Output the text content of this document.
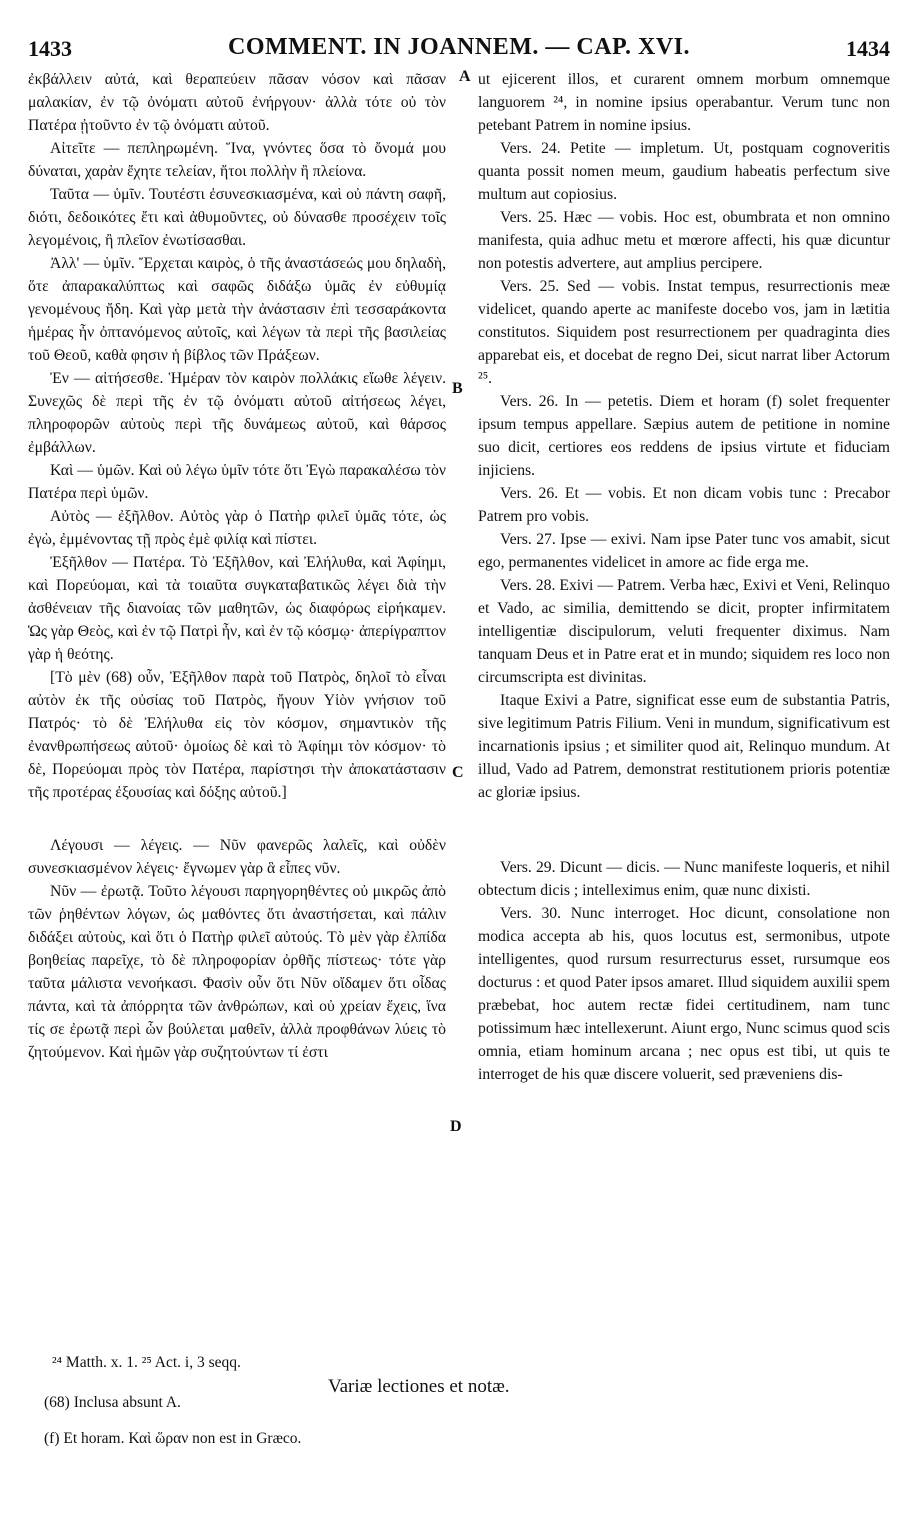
1433	COMMENT. IN JOANNEM. — CAP. XVI.	1434
A
B
C
D

ἐκβάλλειν αὐτά, καὶ θεραπεύειν πᾶσαν νόσον καὶ πᾶσαν μαλακίαν, ἐν τῷ ὀνόματι αὐτοῦ ἐνήργουν· ἀλλὰ τότε οὐ τὸν Πατέρα ᾐτοῦντο ἐν τῷ ὀνόματι αὐτοῦ.

Αἰτεῖτε — πεπληρωμένη. Ἵνα, γνόντες ὅσα τὸ ὄνομά μου δύναται, χαρὰν ἔχητε τελείαν, ἤτοι πολλὴν ἢ πλείονα.

Ταῦτα — ὑμῖν. Τουτέστι ἐσυνεσκιασμένα, καὶ οὐ πάντη σαφῆ, διότι, δεδοικότες ἔτι καὶ ἀθυμοῦντες, οὐ δύνασθε προσέχειν τοῖς λεγομένοις, ἢ πλεῖον ἐνωτίσασθαι.

Ἀλλ' — ὑμῖν. Ἔρχεται καιρὸς, ὁ τῆς ἀναστάσεώς μου δηλαδὴ, ὅτε ἀπαρακαλύπτως καὶ σαφῶς διδάξω ὑμᾶς ἐν εὐθυμίᾳ γενομένους ἤδη. Καὶ γὰρ μετὰ τὴν ἀνάστασιν ἐπὶ τεσσαράκοντα ἡμέρας ἦν ὀπτανόμενος αὐτοῖς, καὶ λέγων τὰ περὶ τῆς βασιλείας τοῦ Θεοῦ, καθὰ φησιν ἡ βίβλος τῶν Πράξεων.

Ἐν — αἰτήσεσθε. Ἡμέραν τὸν καιρὸν πολλάκις εἴωθε λέγειν. Συνεχῶς δὲ περὶ τῆς ἐν τῷ ὀνόματι αὐτοῦ αἰτήσεως λέγει, πληροφορῶν αὐτοὺς περὶ τῆς δυνάμεως αὐτοῦ, καὶ θάρσος ἐμβάλλων.

Καὶ — ὑμῶν. Καὶ οὐ λέγω ὑμῖν τότε ὅτι Ἐγὼ παρακαλέσω τὸν Πατέρα περὶ ὑμῶν.

Αὐτὸς — ἐξῆλθον. Αὐτὸς γὰρ ὁ Πατὴρ φιλεῖ ὑμᾶς τότε, ὡς ἐγὼ, ἐμμένοντας τῇ πρὸς ἐμὲ φιλίᾳ καὶ πίστει.

Ἐξῆλθον — Πατέρα. Τὸ Ἐξῆλθον, καὶ Ἐλήλυθα, καὶ Ἀφίημι, καὶ Πορεύομαι, καὶ τὰ τοιαῦτα συγκαταβατικῶς λέγει διὰ τὴν ἀσθένειαν τῆς διανοίας τῶν μαθητῶν, ὡς διαφόρως εἰρήκαμεν. Ὡς γὰρ Θεὸς, καὶ ἐν τῷ Πατρὶ ἦν, καὶ ἐν τῷ κόσμῳ· ἀπερίγραπτον γὰρ ἡ θεότης.

[Τὸ μὲν (68) οὖν, Ἐξῆλθον παρὰ τοῦ Πατρὸς, δηλοῖ τὸ εἶναι αὐτὸν ἐκ τῆς οὐσίας τοῦ Πατρὸς, ἤγουν Υἱὸν γνήσιον τοῦ Πατρός· τὸ δὲ Ἐλήλυθα εἰς τὸν κόσμον, σημαντικὸν τῆς ἐνανθρωπήσεως αὐτοῦ· ὁμοίως δὲ καὶ τὸ Ἀφίημι τὸν κόσμον· τὸ δὲ, Πορεύομαι πρὸς τὸν Πατέρα, παρίστησι τὴν ἀποκατάστασιν τῆς προτέρας ἐξουσίας καὶ δόξης αὐτοῦ.]

Λέγουσι — λέγεις. — Νῦν φανερῶς λαλεῖς, καὶ οὐδὲν συνεσκιασμένον λέγεις· ἔγνωμεν γὰρ ἃ εἶπες νῦν.

Νῦν — ἐρωτᾷ. Τοῦτο λέγουσι παρηγορηθέντες οὐ μικρῶς ἀπὸ τῶν ῥηθέντων λόγων, ὡς μαθόντες ὅτι ἀναστήσεται, καὶ πάλιν διδάξει αὐτοὺς, καὶ ὅτι ὁ Πατὴρ φιλεῖ αὐτούς. Τὸ μὲν γὰρ ἐλπίδα βοηθείας παρεῖχε, τὸ δὲ πληροφορίαν ὀρθῆς πίστεως· τότε γὰρ ταῦτα μάλιστα νενοήκασι. Φασὶν οὖν ὅτι Νῦν οἴδαμεν ὅτι οἶδας πάντα, καὶ τὰ ἀπόρρητα τῶν ἀνθρώπων, καὶ οὐ χρείαν ἔχεις, ἵνα τίς σε ἐρωτᾷ περὶ ὧν βούλεται μαθεῖν, ἀλλὰ προφθάνων λύεις τὸ ζητούμενον. Καὶ ἡμῶν γὰρ συζητούντων τί ἐστι

ut ejicerent illos, et curarent omnem morbum omnemque languorem ²⁴, in nomine ipsius operabantur. Verum tunc non petebant Patrem in nomine ipsius.

Vers. 24. Petite — impletum. Ut, postquam cognoveritis quanta possit nomen meum, gaudium habeatis perfectum sive multum aut copiosius.

Vers. 25. Hæc — vobis. Hoc est, obumbrata et non omnino manifesta, quia adhuc metu et mœrore affecti, his quæ dicuntur non potestis advertere, aut amplius percipere.

Vers. 25. Sed — vobis. Instat tempus, resurrectionis meæ videlicet, quando aperte ac manifeste docebo vos, jam in lætitia constitutos. Siquidem post resurrectionem per quadraginta dies apparebat eis, et docebat de regno Dei, sicut narrat liber Actorum ²⁵.

Vers. 26. In — petetis. Diem et horam (f) solet frequenter ipsum tempus appellare. Sæpius autem de petitione in nomine suo dicit, certiores eos reddens de ipsius virtute et fiduciam injiciens.

Vers. 26. Et — vobis. Et non dicam vobis tunc : Precabor Patrem pro vobis.

Vers. 27. Ipse — exivi. Nam ipse Pater tunc vos amabit, sicut ego, permanentes videlicet in amore ac fide erga me.

Vers. 28. Exivi — Patrem. Verba hæc, Exivi et Veni, Relinquo et Vado, ac similia, demittendo se dicit, propter infirmitatem intelligentiæ discipulorum, veluti frequenter diximus. Nam tanquam Deus et in Patre erat et in mundo; siquidem res loco non circumscripta est divinitas.

Itaque Exivi a Patre, significat esse eum de substantia Patris, sive legitimum Patris Filium. Veni in mundum, significativum est incarnationis ipsius ; et similiter quod ait, Relinquo mundum. At illud, Vado ad Patrem, demonstrat restitutionem prioris potentiæ ac gloriæ ipsius.

Vers. 29. Dicunt — dicis. — Nunc manifeste loqueris, et nihil obtectum dicis ; intelleximus enim, quæ nunc dixisti.

Vers. 30. Nunc interroget. Hoc dicunt, consolatione non modica accepta ab his, quos locutus est, sermonibus, utpote intelligentes, quod rursum resurrecturus esset, rursumque eos docturus : et quod Pater ipsos amaret. Illud siquidem auxilii spem præbebat, hoc autem rectæ fidei certitudinem, nam tunc potissimum hæc intellexerunt. Aiunt ergo, Nunc scimus quod scis omnia, etiam hominum arcana ; nec opus est tibi, ut quis te interroget de his quæ discere voluerit, sed præveniens dis-

²⁴ Matth. x. 1. ²⁵ Act. i, 3 seqq.
Variæ lectiones et notæ.
(68) Inclusa absunt A.
(f) Et horam. Καὶ ὥραν non est in Græco.
